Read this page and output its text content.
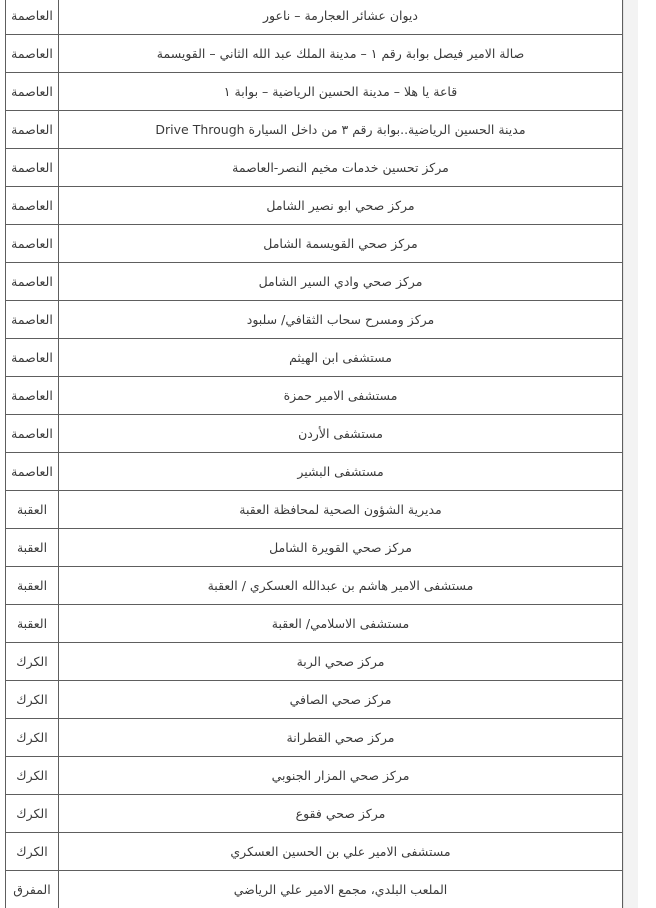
العاصمة	ديوان عشائر العجارمة – ناعور
العاصمة	صالة الامير فيصل بوابة رقم ١ – مدينة الملك عبد الله الثاني – القويسمة
العاصمة	قاعة يا هلا – مدينة الحسين الرياضية – بوابة ١
العاصمة	مدينة الحسين الرياضية..بوابة رقم ٣ من داخل السيارة Drive Through
العاصمة	مركز تحسين خدمات مخيم النصر-العاصمة
العاصمة	مركز صحي ابو نصير الشامل
العاصمة	مركز صحي القويسمة الشامل
العاصمة	مركز صحي وادي السير الشامل
العاصمة	مركز ومسرح سحاب الثقافي/ سلبود
العاصمة	مستشفى ابن الهيثم
العاصمة	مستشفى الامير حمزة
العاصمة	مستشفى الأردن
العاصمة	مستشفى البشير
العقبة	مديرية الشؤون الصحية لمحافظة العقبة
العقبة	مركز صحي القويرة الشامل
العقبة	مستشفى الامير هاشم بن عبدالله العسكري / العقبة
العقبة	مستشفى الاسلامي/ العقبة
الكرك	مركز صحي الربة
الكرك	مركز صحي الصافي
الكرك	مركز صحي القطرانة
الكرك	مركز صحي المزار الجنوبي
الكرك	مركز صحي فقوع
الكرك	مستشفى الامير علي بن الحسين العسكري
المفرق	الملعب البلدي، مجمع الامير علي الرياضي
